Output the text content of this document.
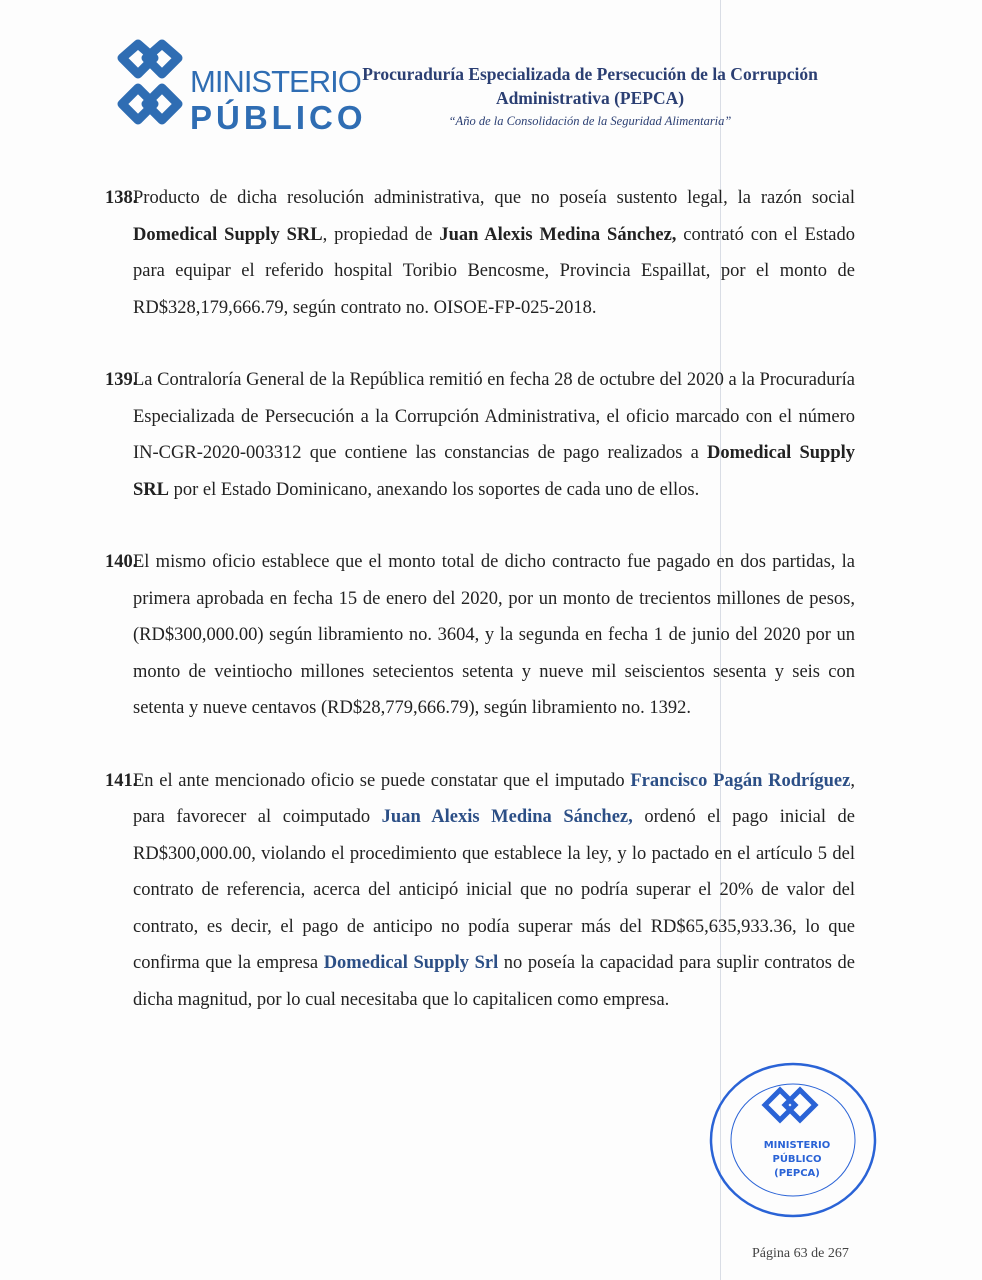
MINISTERIO
PÚBLICO
Procuraduría Especializada de Persecución de la Corrupción
Administrativa (PEPCA)
“Año de la Consolidación de la Seguridad Alimentaria”
138.Producto de dicha resolución administrativa, que no poseía sustento legal, la razón social Domedical Supply SRL, propiedad de Juan Alexis Medina Sánchez, contrató con el Estado para equipar el referido hospital Toribio Bencosme, Provincia Espaillat, por el monto de RD$328,179,666.79, según contrato no. OISOE-FP-025-2018.
139.La Contraloría General de la República remitió en fecha 28 de octubre del 2020 a la Procuraduría Especializada de Persecución a la Corrupción Administrativa, el oficio marcado con el número IN-CGR-2020-003312 que contiene las constancias de pago realizados a Domedical Supply SRL por el Estado Dominicano, anexando los soportes de cada uno de ellos.
140.El mismo oficio establece que el monto total de dicho contracto fue pagado en dos partidas, la primera aprobada en fecha 15 de enero del 2020, por un monto de trecientos millones de pesos, (RD$300,000.00) según libramiento no. 3604, y la segunda en fecha 1 de junio del 2020 por un monto de veintiocho millones setecientos setenta y nueve mil seiscientos sesenta y seis con setenta y nueve centavos (RD$28,779,666.79), según libramiento no. 1392.
141.En el ante mencionado oficio se puede constatar que el imputado Francisco Pagán Rodríguez, para favorecer al coimputado Juan Alexis Medina Sánchez, ordenó el pago inicial de RD$300,000.00, violando el procedimiento que establece la ley, y lo pactado en el artículo 5 del contrato de referencia, acerca del anticipó inicial que no podría superar el 20% de valor del contrato, es decir, el pago de anticipo no podía superar más del RD$65,635,933.36, lo que confirma que la empresa Domedical Supply Srl no poseía la capacidad para suplir contratos de dicha magnitud, por lo cual necesitaba que lo capitalicen como empresa.
MINISTERIO
PÚBLICO
(PEPCA)
Página 63 de 267
